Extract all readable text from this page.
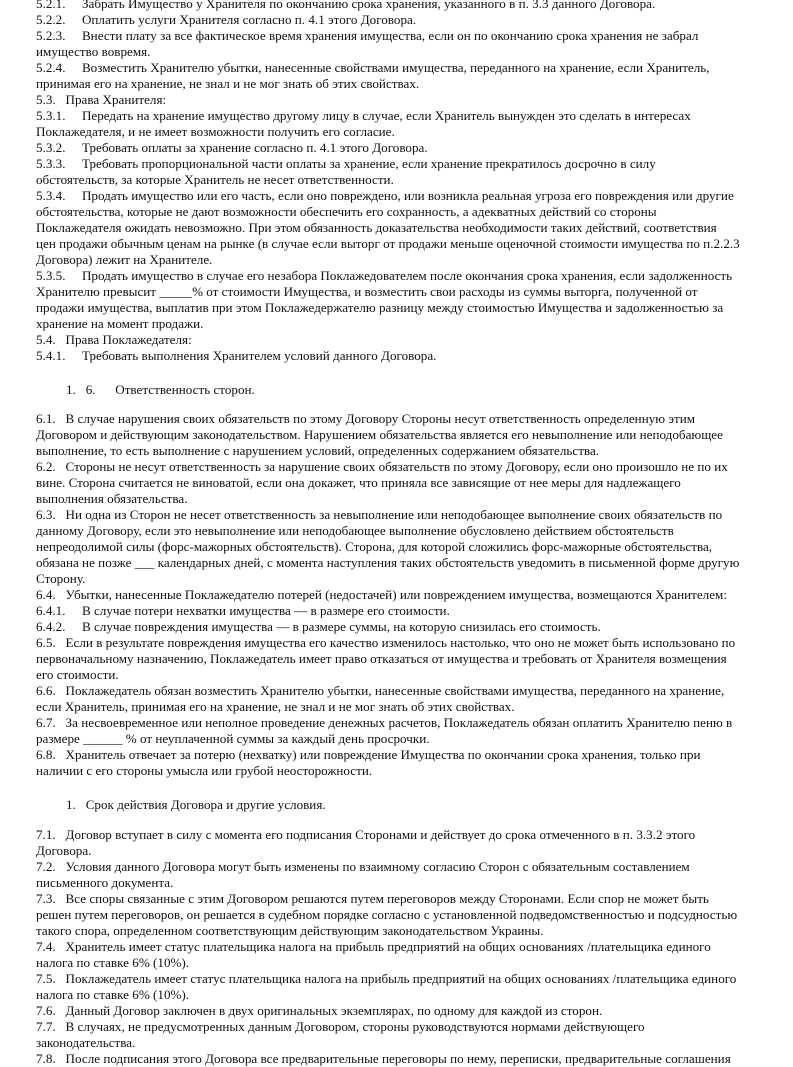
5.2.1.     Забрать Имущество у Хранителя по окончанию срока хранения, указанного в п. 3.3 данного Договора.

5.2.2.     Оплатить услуги Хранителя согласно п. 4.1 этого Договора.

5.2.3.     Внести плату за все фактическое время хранения имущества, если он по окончанию срока хранения не забрал

имущество вовремя.

5.2.4.     Возместить Хранителю убытки, нанесенные свойствами имущества, переданного на хранение, если Хранитель,

принимая его на хранение, не знал и не мог знать об этих свойствах.

5.3.   Права Хранителя:

5.3.1.     Передать на хранение имущество другому лицу в случае, если Хранитель вынужден это сделать в интересах

Поклажедателя, и не имеет возможности получить его согласие.

5.3.2.     Требовать оплаты за хранение согласно п. 4.1 этого Договора.

5.3.3.     Требовать пропорциональной части оплаты за хранение, если хранение прекратилось досрочно в силу

обстоятельств, за которые Хранитель не несет ответственности.

5.3.4.     Продать имущество или его часть, если оно повреждено, или возникла реальная угроза его повреждения или другие

обстоятельства, которые не дают возможности обеспечить его сохранность, а адекватных действий со стороны

Поклажедателя ожидать невозможно. При этом обязанность доказательства необходимости таких действий, соответствия

цен продажи обычным ценам на рынке (в случае если выторг от продажи меньше оценочной стоимости имущества по п.2.2.3

Договора) лежит на Хранителе.

5.3.5.     Продать имущество в случае его незабора Поклажедователем после окончания срока хранения, если задолженность

Хранителю превысит _____% от стоимости Имущества, и возместить свои расходы из суммы выторга, полученной от

продажи имущества, выплатив при этом Поклажедержателю разницу между стоимостью Имущества и задолженностью за

хранение на момент продажи.

5.4.   Права Поклажедателя:

5.4.1.     Требовать выполнения Хранителем условий данного Договора.

1.   6.      Ответственность сторон.

6.1.   В случае нарушения своих обязательств по этому Договору Стороны несут ответственность определенную этим

Договором и действующим законодательством. Нарушением обязательства является его невыполнение или неподобающее

выполнение, то есть выполнение с нарушением условий, определенных содержанием обязательства.

6.2.   Стороны не несут ответственность за нарушение своих обязательств по этому Договору, если оно произошло не по их

вине. Сторона считается не виноватой, если она докажет, что приняла все зависящие от нее меры для надлежащего

выполнения обязательства.

6.3.   Ни одна из Сторон не несет ответственность за невыполнение или неподобающее выполнение своих обязательств по

данному Договору, если это невыполнение или неподобающее выполнение обусловлено действием обстоятельств

непреодолимой силы (форс-мажорных обстоятельств). Сторона, для которой сложились форс-мажорные обстоятельства,

обязана не позже ___ календарных дней, с момента наступления таких обстоятельств уведомить в письменной форме другую

Сторону.

6.4.   Убытки, нанесенные Поклажедателю потерей (недостачей) или повреждением имущества, возмещаются Хранителем:

6.4.1.     В случае потери нехватки имущества — в размере его стоимости.

6.4.2.     В случае повреждения имущества — в размере суммы, на которую снизилась его стоимость.

6.5.   Если в результате повреждения имущества его качество изменилось настолько, что оно не может быть использовано по

первоначальному назначению, Поклажедатель имеет право отказаться от имущества и требовать от Хранителя возмещения

его стоимости.

6.6.   Поклажедатель обязан возместить Хранителю убытки, нанесенные свойствами имущества, переданного на хранение,

если Хранитель, принимая его на хранение, не знал и не мог знать об этих свойствах.

6.7.   За несвоевременное или неполное проведение денежных расчетов, Поклажедатель обязан оплатить Хранителю пеню в

размере ______ % от неуплаченной суммы за каждый день просрочки.

6.8.   Хранитель отвечает за потерю (нехватку) или повреждение Имущества по окончании срока хранения, только при

наличии с его стороны умысла или грубой неосторожности.

1.   Срок действия Договора и другие условия.

7.1.   Договор вступает в силу с момента его подписания Сторонами и действует до срока отмеченного в п. 3.3.2 этого

Договора.

7.2.   Условия данного Договора могут быть изменены по взаимному согласию Сторон с обязательным составлением

письменного документа.

7.3.   Все споры связанные с этим Договором решаются путем переговоров между Сторонами. Если спор не может быть

решен путем переговоров, он решается в судебном порядке согласно с установленной подведомственностью и подсудностью

такого спора, определенном соответствующим действующим законодательством Украины.

7.4.   Хранитель имеет статус плательщика налога на прибыль предприятий на общих основаниях /плательщика единого

налога по ставке 6% (10%).

7.5.   Поклажедатель имеет статус плательщика налога на прибыль предприятий на общих основаниях /плательщика единого

налога по ставке 6% (10%).

7.6.   Данный Договор заключен в двух оригинальных экземплярах, по одному для каждой из сторон.

7.7.   В случаях, не предусмотренных данным Договором, стороны руководствуются нормами действующего

законодательства.

7.8.   После подписания этого Договора все предварительные переговоры по нему, переписки, предварительные соглашения
